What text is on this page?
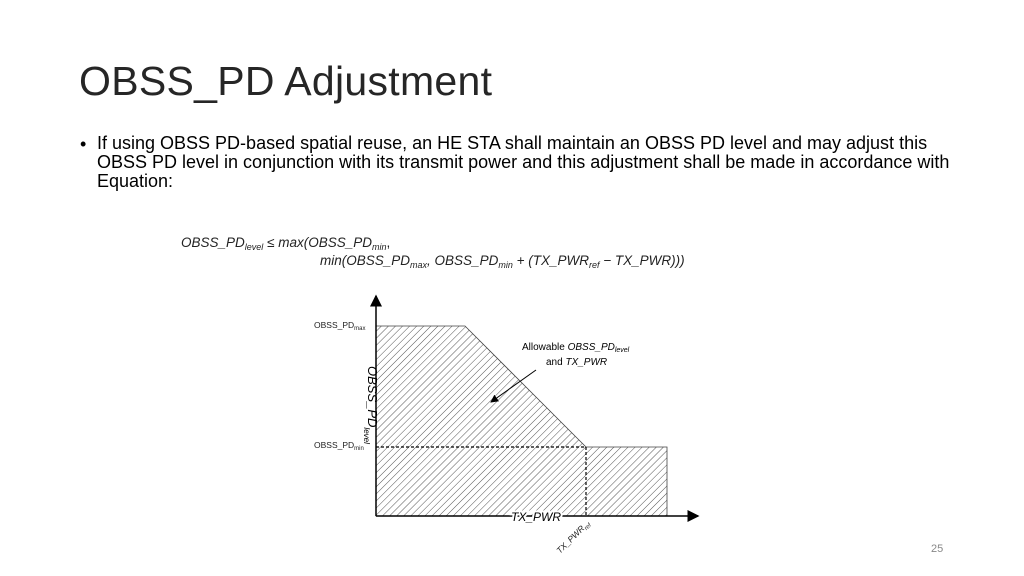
OBSS_PD Adjustment
• If using OBSS PD-based spatial reuse, an HE STA shall maintain an OBSS PD level and may adjust this OBSS PD level in conjunction with its transmit power and this adjustment shall be made in accordance with Equation:
$OBSS\_PD_{level}$ ≤ $\max(OBSS\_PD_{min}$,
$\min(OBSS\_PD_{max}$, $OBSS\_PD_{min}$ + ($TX\_PWR_{ref}$ − TX_PWR)))
$OBSS\_PD_{max}$
$OBSS\_PD_{min}$
$OBSS\_PD_{level}$
TX_PWR
$TX\_PWR_{ref}$
Allowable $OBSS\_PD_{level}$
and TX_PWR
25
